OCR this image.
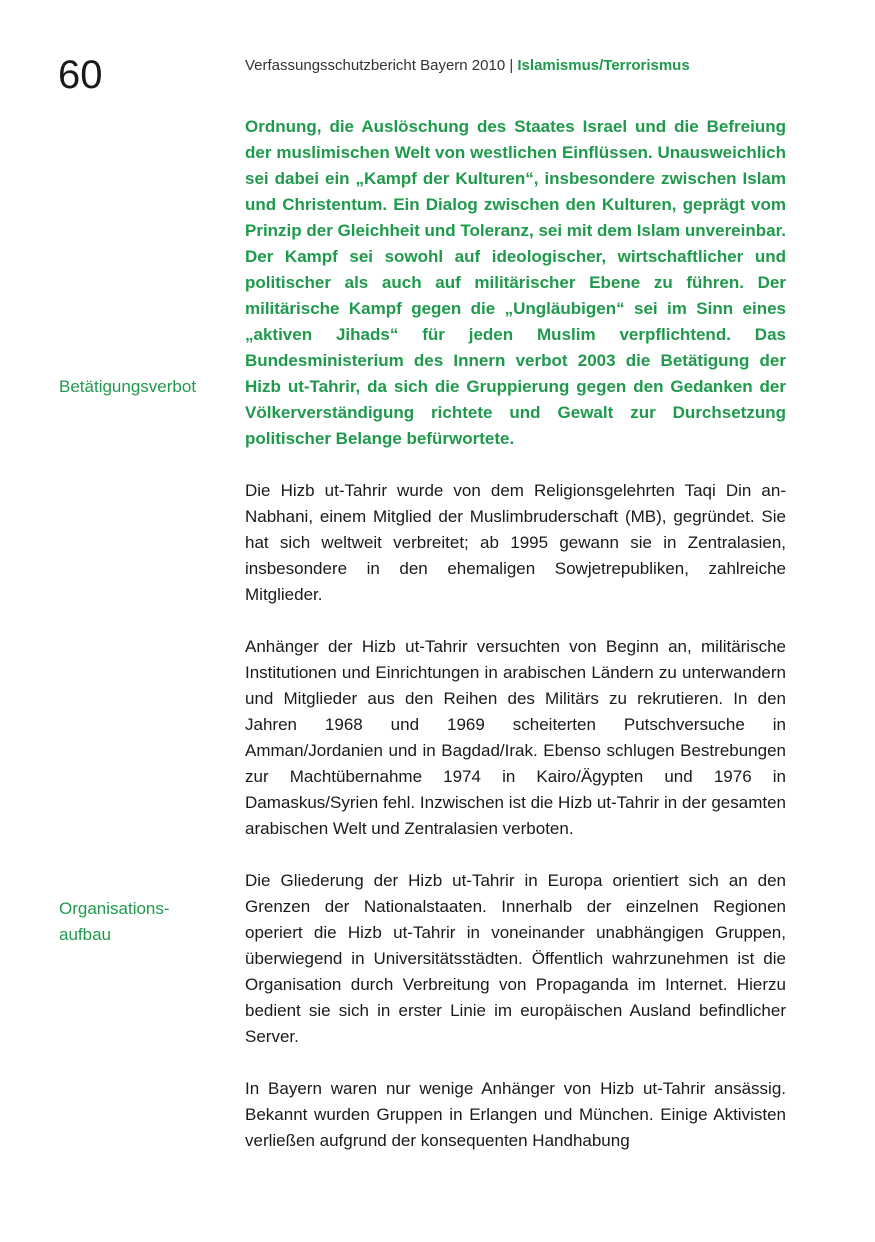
60	Verfassungsschutzbericht Bayern 2010 | Islamismus/Terrorismus
Betätigungsverbot
Organisations-
aufbau

Ordnung, die Auslöschung des Staates Israel und die Befreiung der muslimischen Welt von westlichen Einflüssen. Unausweichlich sei dabei ein „Kampf der Kulturen“, insbesondere zwischen Islam und Christentum. Ein Dialog zwischen den Kulturen, geprägt vom Prinzip der Gleichheit und Toleranz, sei mit dem Islam unvereinbar. Der Kampf sei sowohl auf ideologischer, wirtschaftlicher und politischer als auch auf militärischer Ebene zu führen. Der militärische Kampf gegen die „Ungläubigen“ sei im Sinn eines „aktiven Jihads“ für jeden Muslim verpflichtend. Das Bundesministerium des Innern verbot 2003 die Betätigung der Hizb ut-Tahrir, da sich die Gruppierung gegen den Gedanken der Völkerverständigung richtete und Gewalt zur Durchsetzung politischer Belange befürwortete.

Die Hizb ut-Tahrir wurde von dem Religionsgelehrten Taqi Din an-Nabhani, einem Mitglied der Muslimbruderschaft (MB), gegründet. Sie hat sich weltweit verbreitet; ab 1995 gewann sie in Zentralasien, insbesondere in den ehemaligen Sowjetrepubliken, zahlreiche Mitglieder.

Anhänger der Hizb ut-Tahrir versuchten von Beginn an, militärische Institutionen und Einrichtungen in arabischen Ländern zu unterwandern und Mitglieder aus den Reihen des Militärs zu rekrutieren. In den Jahren 1968 und 1969 scheiterten Putschversuche in Amman/Jordanien und in Bagdad/Irak. Ebenso schlugen Bestrebungen zur Machtübernahme 1974 in Kairo/Ägypten und 1976 in Damaskus/Syrien fehl. Inzwischen ist die Hizb ut-Tahrir in der gesamten arabischen Welt und Zentralasien verboten.

Die Gliederung der Hizb ut-Tahrir in Europa orientiert sich an den Grenzen der Nationalstaaten. Innerhalb der einzelnen Regionen operiert die Hizb ut-Tahrir in voneinander unabhängigen Gruppen, überwiegend in Universitätsstädten. Öffentlich wahrzunehmen ist die Organisation durch Verbreitung von Propaganda im Internet. Hierzu bedient sie sich in erster Linie im europäischen Ausland befindlicher Server.

In Bayern waren nur wenige Anhänger von Hizb ut-Tahrir ansässig. Bekannt wurden Gruppen in Erlangen und München. Einige Aktivisten verließen aufgrund der konsequenten Handhabung
